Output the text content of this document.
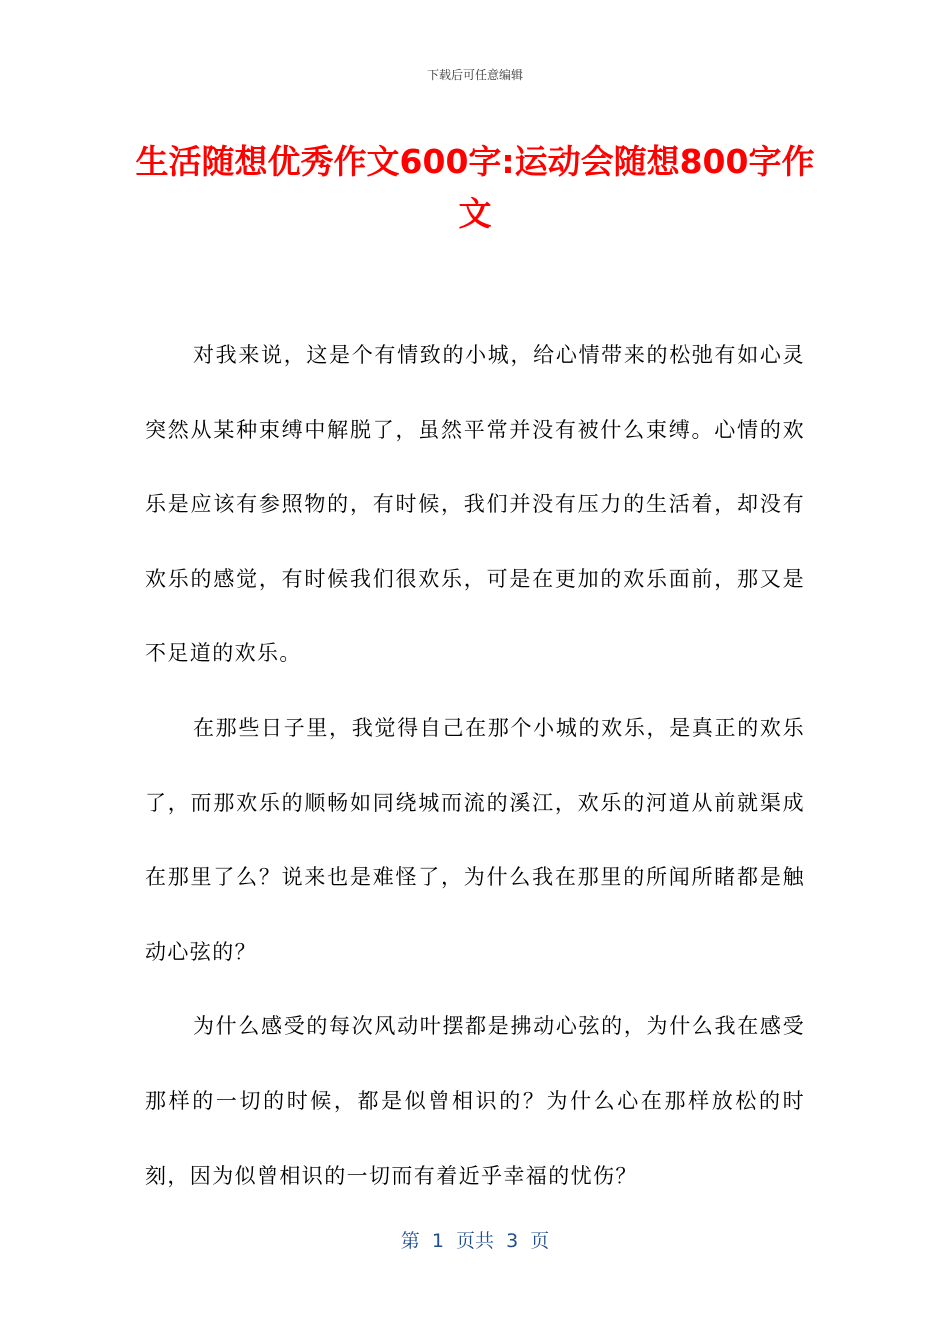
下载后可任意编辑
生活随想优秀作文600字:运动会随想800字作文

对我来说，这是个有情致的小城，给心情带来的松弛有如心灵突然从某种束缚中解脱了，虽然平常并没有被什么束缚。心情的欢乐是应该有参照物的，有时候，我们并没有压力的生活着，却没有欢乐的感觉，有时候我们很欢乐，可是在更加的欢乐面前，那又是不足道的欢乐。

在那些日子里，我觉得自己在那个小城的欢乐，是真正的欢乐了，而那欢乐的顺畅如同绕城而流的溪江，欢乐的河道从前就渠成在那里了么？说来也是难怪了，为什么我在那里的所闻所睹都是触动心弦的？

为什么感受的每次风动叶摆都是拂动心弦的，为什么我在感受那样的一切的时候，都是似曾相识的？为什么心在那样放松的时刻，因为似曾相识的一切而有着近乎幸福的忧伤？

第  1  页共  3  页
